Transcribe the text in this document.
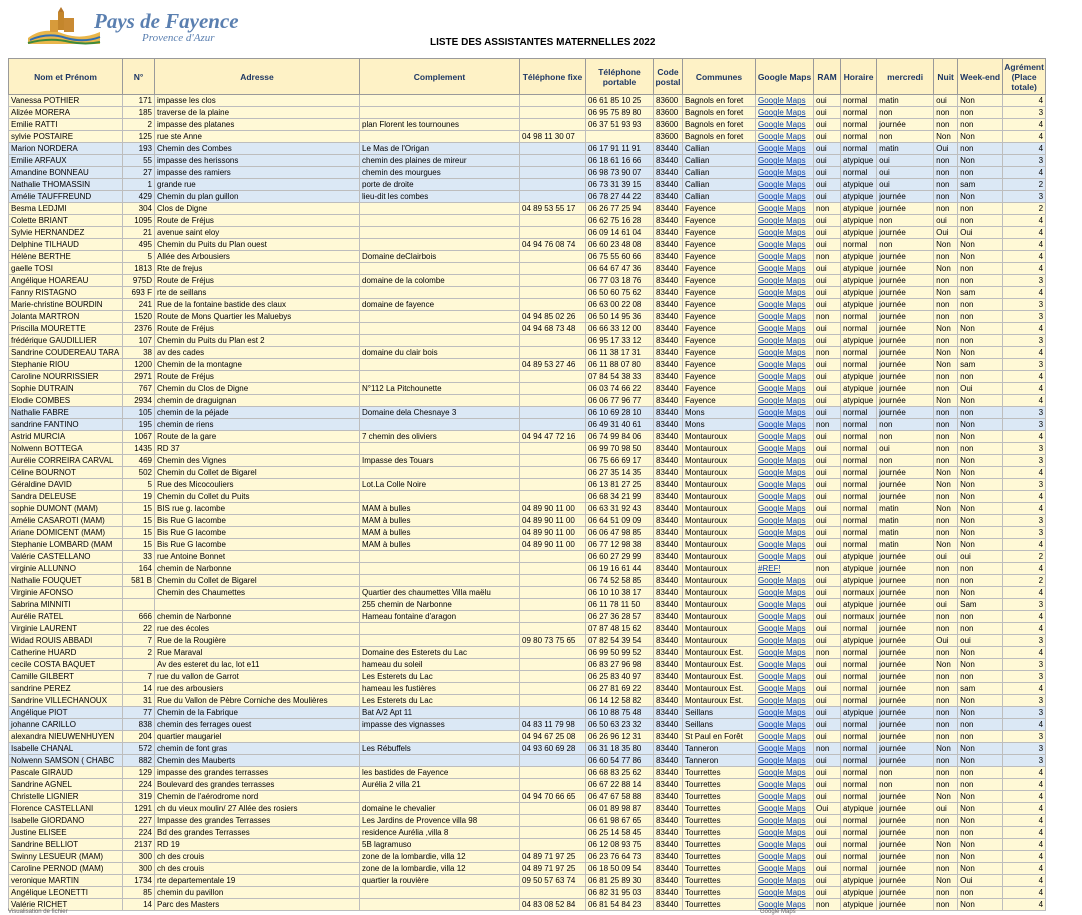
Pays de Fayence
Provence d'Azur	LISTE DES ASSISTANTES MATERNELLES 2022
Nom et Prénom	N°	Adresse	Complement	Téléphone fixe	Téléphone portable	Code postal	Communes	Google Maps	RAM	Horaire	mercredi	Nuit	Week-end	Agrément (Place totale)
Vanessa POTHIER	171	impasse les clos			06 61 85 10 25	83600	Bagnols en foret	Google Maps	oui	normal	matin	oui	Non	4
Alizée MORERA	185	traverse de la plaine			06 95 75 89 80	83600	Bagnols en foret	Google Maps	oui	normal	non	non	non	3
Emilie RATTI	2	impasse des platanes	plan Florent les tournounes		06 37 51 93 93	83600	Bagnols en foret	Google Maps	oui	normal	journée	non	non	4
sylvie POSTAIRE	125	rue ste Anne		04 98 11 30 07		83600	Bagnols en foret	Google Maps	oui	normal	non	Non	Non	4
Marion NORDERA	193	Chemin des Combes	Le Mas de l'Origan		06 17 91 11 91	83440	Callian	Google Maps	oui	normal	matin	Oui	non	4
Emilie ARFAUX	55	impasse des herissons	chemin des plaines de mireur		06 18 61 16 66	83440	Callian	Google Maps	oui	atypique	oui	non	Non	3
Amandine BONNEAU	27	impasse des ramiers	chemin des mourgues		06 98 73 90 07	83440	Callian	Google Maps	oui	normal	oui	non	non	4
Nathalie THOMASSIN	1	grande rue	porte de droite		06 73 31 39 15	83440	Callian	Google Maps	oui	atypique	oui	non	sam	2
Amélie TAUFFREUND	429	Chemin du plan guillon	lieu-dit les combes		06 78 27 44 22	83440	Callian	Google Maps	oui	atypique	journée	non	Non	3
Besma LEDJMI	304	Clos de Digne		04 89 53 55 17	06 26 77 25 94	83440	Fayence	Google Maps	non	atypique	journée	non	non	2
Colette BRIANT	1095	Route de Fréjus			06 62 75 16 28	83440	Fayence	Google Maps	oui	atypique	non	oui	non	4
Sylvie HERNANDEZ	21	avenue saint eloy			06 09 14 61 04	83440	Fayence	Google Maps	oui	atypique	journée	Oui	Oui	4
Delphine TILHAUD	495	Chemin du Puits du Plan ouest		04 94 76 08 74	06 60 23 48 08	83440	Fayence	Google Maps	oui	normal	non	Non	Non	4
Hélène BERTHE	5	Allée des Arbousiers	Domaine deClairbois		06 75 55 60 66	83440	Fayence	Google Maps	non	atypique	journée	non	Non	4
gaelle TOSI	1813	Rte de frejus			06 64 67 47 36	83440	Fayence	Google Maps	oui	atypique	journée	Non	non	4
Angélique HOAREAU	975D	Route de Fréjus	domaine de la colombe		06 77 03 18 76	83440	Fayence	Google Maps	oui	atypique	journée	non	non	3
Fanny RISTAGNO	693 F	rte de seillans			06 50 60 75 62	83440	Fayence	Google Maps	oui	atypique	journée	Non	sam	4
Marie-christine BOURDIN	241	Rue de la fontaine bastide des claux	domaine de fayence		06 63 00 22 08	83440	Fayence	Google Maps	oui	atypique	journée	non	non	3
Jolanta MARTRON	1520	Route de Mons Quartier les Maluebys		04 94 85 02 26	06 50 14 95 36	83440	Fayence	Google Maps	non	normal	journée	non	non	3
Priscilla MOURETTE	2376	Route de Fréjus		04 94 68 73 48	06 66 33 12 00	83440	Fayence	Google Maps	oui	normal	journée	Non	Non	4
frédérique GAUDILLIER	107	Chemin du Puits du Plan est 2			06 95 17 33 12	83440	Fayence	Google Maps	oui	atypique	journée	non	non	3
Sandrine COUDEREAU TARA	38	av des cades	domaine du clair bois		06 11 38 17 31	83440	Fayence	Google Maps	non	normal	journée	Non	Non	4
Stephanie RIOU	1200	Chemin de la montagne		04 89 53 27 46	06 11 88 07 80	83440	Fayence	Google Maps	oui	normal	journée	Non	sam	3
Caroline NOURRISSIER	2971	Route de Fréjus			07 84 54 38 33	83440	Fayence	Google Maps	oui	atypique	journée	non	non	4
Sophie DUTRAIN	767	Chemin du Clos de Digne	N°112 La Pitchounette		06 03 74 66 22	83440	Fayence	Google Maps	oui	atypique	journée	non	Oui	4
Elodie COMBES	2934	chemin de draguignan			06 06 77 96 77	83440	Fayence	Google Maps	oui	atypique	journée	Non	Non	4
Nathalie FABRE	105	chemin de la péjade	Domaine dela Chesnaye 3		06 10 69 28 10	83440	Mons	Google Maps	oui	normal	journée	non	non	3
sandrine FANTINO	195	chemin de riens			06 49 31 40 61	83440	Mons	Google Maps	non	normal	non	non	Non	3
Astrid MURCIA	1067	Route de la gare	7 chemin des oliviers	04 94 47 72 16	06 74 99 84 06	83440	Montauroux	Google Maps	oui	normal	non	non	Non	4
Nolwenn BOTTEGA	1435	RD 37			06 99 70 98 50	83440	Montauroux	Google Maps	oui	normal	oui	non	non	3
Aurélie CORREIRA CARVAL	469	Chemin des Vignes	Impasse des Touars		06 75 66 69 17	83440	Montauroux	Google Maps	oui	normal	non	non	Non	3
Céline BOURNOT	502	Chemin du Collet de Bigarel			06 27 35 14 35	83440	Montauroux	Google Maps	oui	normal	journée	Non	Non	4
Géraldine DAVID	5	Rue des Micocouliers	Lot.La Colle Noire		06 13 81 27 25	83440	Montauroux	Google Maps	oui	normal	journée	Non	Non	3
Sandra DELEUSE	19	Chemin du Collet du Puits			06 68 34 21 99	83440	Montauroux	Google Maps	oui	normal	journée	non	Non	4
sophie DUMONT (MAM)	15	BIS rue g. lacombe	MAM à bulles	04 89 90 11 00	06 63 31 92 43	83440	Montauroux	Google Maps	oui	normal	matin	Non	Non	4
Amélie CASAROTI (MAM)	15	Bis Rue G lacombe	MAM à bulles	04 89 90 11 00	06 64 51 09 09	83440	Montauroux	Google Maps	oui	normal	matin	non	Non	3
Ariane DOMICENT (MAM)	15	Bis Rue G lacombe	MAM à bulles	04 89 90 11 00	06 06 47 98 85	83440	Montauroux	Google Maps	oui	normal	matin	non	Non	3
Stephanie LOMBARD (MAM	15	Bis Rue G lacombe	MAM à bulles	04 89 90 11 00	06 77 12 98 38	83440	Montauroux	Google Maps	oui	normal	matin	Non	Non	4
Valérie CASTELLANO	33	rue Antoine Bonnet			06 60 27 29 99	83440	Montauroux	Google Maps	oui	atypique	journée	oui	oui	2
virginie ALLUNNO	164	chemin de Narbonne			06 19 16 61 44	83440	Montauroux	#REF!	non	atypique	journée	non	non	4
Nathalie FOUQUET	581 B	Chemin du Collet de Bigarel			06 74 52 58 85	83440	Montauroux	Google Maps	oui	atypique	journee	non	non	2
Virginie AFONSO		Chemin des Chaumettes	Quartier des chaumettes Villa maëlu		06 10 10 38 17	83440	Montauroux	Google Maps	oui	normaux	journée	non	Non	4
Sabrina MINNITI			255 chemin de Narbonne		06 11 78 11 50	83440	Montauroux	Google Maps	oui	atypique	journée	oui	Sam	3
Aurélie RATEL	666	chemin de Narbonne	Hameau fontaine d'aragon		06 27 36 28 57	83440	Montauroux	Google Maps	oui	normaux	journée	non	non	4
Virginie LAURENT	22	rue des écoles			07 87 48 15 62	83440	Montauroux	Google Maps	oui	normal	journée	non	non	4
Widad ROUIS ABBADI	7	Rue de la Rougière		09 80 73 75 65	07 82 54 39 54	83440	Montauroux	Google Maps	oui	atypique	journée	Oui	oui	3
Catherine HUARD	2	Rue Maraval	Domaine des Esterets du Lac		06 99 50 99 52	83440	Montauroux Est.	Google Maps	non	normal	journée	non	Non	4
cecile COSTA BAQUET		Av des esteret du lac, lot e11	hameau du soleil		06 83 27 96 98	83440	Montauroux Est.	Google Maps	oui	normal	journée	Non	Non	3
Camille GILBERT	7	rue du vallon de Garrot	Les Esterets du Lac		06 25 83 40 97	83440	Montauroux Est.	Google Maps	oui	normal	journée	non	non	3
sandrine PEREZ	14	rue des arbousiers	hameau les fustières		06 27 81 69 22	83440	Montauroux Est.	Google Maps	oui	normal	journée	non	sam	4
Sandrine VILLECHANOUX	31	Rue du Vallon de Pèbre Corniche des Moulières	Les Esterets du Lac		06 14 12 58 82	83440	Montauroux Est.	Google Maps	oui	normal	journée	non	Non	3
Angélique PIOT	77	Chemin de la Fabrique	Bat A/2 Apt 11		06 10 88 75 48	83440	Seillans	Google Maps	oui	atypique	journée	non	Non	3
johanne CARILLO	838	chemin des ferrages ouest	impasse des vignasses	04 83 11 79 98	06 50 63 23 32	83440	Seillans	Google Maps	oui	normal	journée	non	non	4
alexandra NIEUWENHUYEN	204	quartier maugariel		04 94 67 25 08	06 26 96 12 31	83440	St Paul en Forêt	Google Maps	oui	normal	journée	non	non	3
Isabelle CHANAL	572	chemin de font gras	Les Rébuffels	04 93 60 69 28	06 31 18 35 80	83440	Tanneron	Google Maps	non	normal	journée	Non	Non	3
Nolwenn SAMSON ( CHABC	882	Chemin des Mauberts			06 60 54 77 86	83440	Tanneron	Google Maps	oui	normal	journée	non	Non	3
Pascale GIRAUD	129	impasse des grandes terrasses	les bastides de Fayence		06 68 83 25 62	83440	Tourrettes	Google Maps	oui	normal	non	non	non	4
Sandrine AGNEL	224	Boulevard des grandes terrasses	Aurélia 2 villa 21		06 67 22 88 14	83440	Tourrettes	Google Maps	oui	normal	non	non	non	4
Christelle LIGNIER	319	Chemin de l'aérodrome nord		04 94 70 66 65	06 47 67 58 88	83440	Tourrettes	Google Maps	oui	normal	journée	Non	Non	4
Florence CASTELLANI	1291	ch du vieux moulin/ 27 Allée des rosiers	domaine le chevalier		06 01 89 98 87	83440	Tourrettes	Google Maps	Oui	atypique	journée	oui	Non	4
Isabelle GIORDANO	227	Impasse des grandes Terrasses	Les Jardins de Provence villa 98		06 61 98 67 65	83440	Tourrettes	Google Maps	oui	normal	journée	non	Non	4
Justine ELISEE	224	Bd des grandes Terrasses	residence Aurélia ,villa 8		06 25 14 58 45	83440	Tourrettes	Google Maps	oui	normal	journée	non	non	4
Sandrine BELLIOT	2137	RD 19	5B lagramuso		06 12 08 93 75	83440	Tourrettes	Google Maps	oui	normal	journée	Non	Non	4
Swinny LESUEUR (MAM)	300	ch des crouis	zone de la lombardie, villa 12	04 89 71 97 25	06 23 76 64 73	83440	Tourrettes	Google Maps	oui	normal	journée	non	Non	4
Caroline PERNOD (MAM)	300	ch des crouis	zone de la lombardie, villa 12	04 89 71 97 25	06 18 50 09 54	83440	Tourrettes	Google Maps	oui	normal	journée	non	Non	4
veronique MARTIN	1734	rte departementale 19	quartier la rouvière	09 50 57 63 74	06 81 25 89 30	83440	Tourrettes	Google Maps	oui	atypique	journée	Non	Oui	4
Angélique LEONETTI	85	chemin du pavillon			06 82 31 95 03	83440	Tourrettes	Google Maps	oui	atypique	journée	non	non	4
Valérie RICHET	14	Parc des Masters		04 83 08 52 84	06 81 54 84 23	83440	Tourrettes	Google Maps	non	atypique	journée	non	Non	4
Visualisation de fichier	Google Maps
